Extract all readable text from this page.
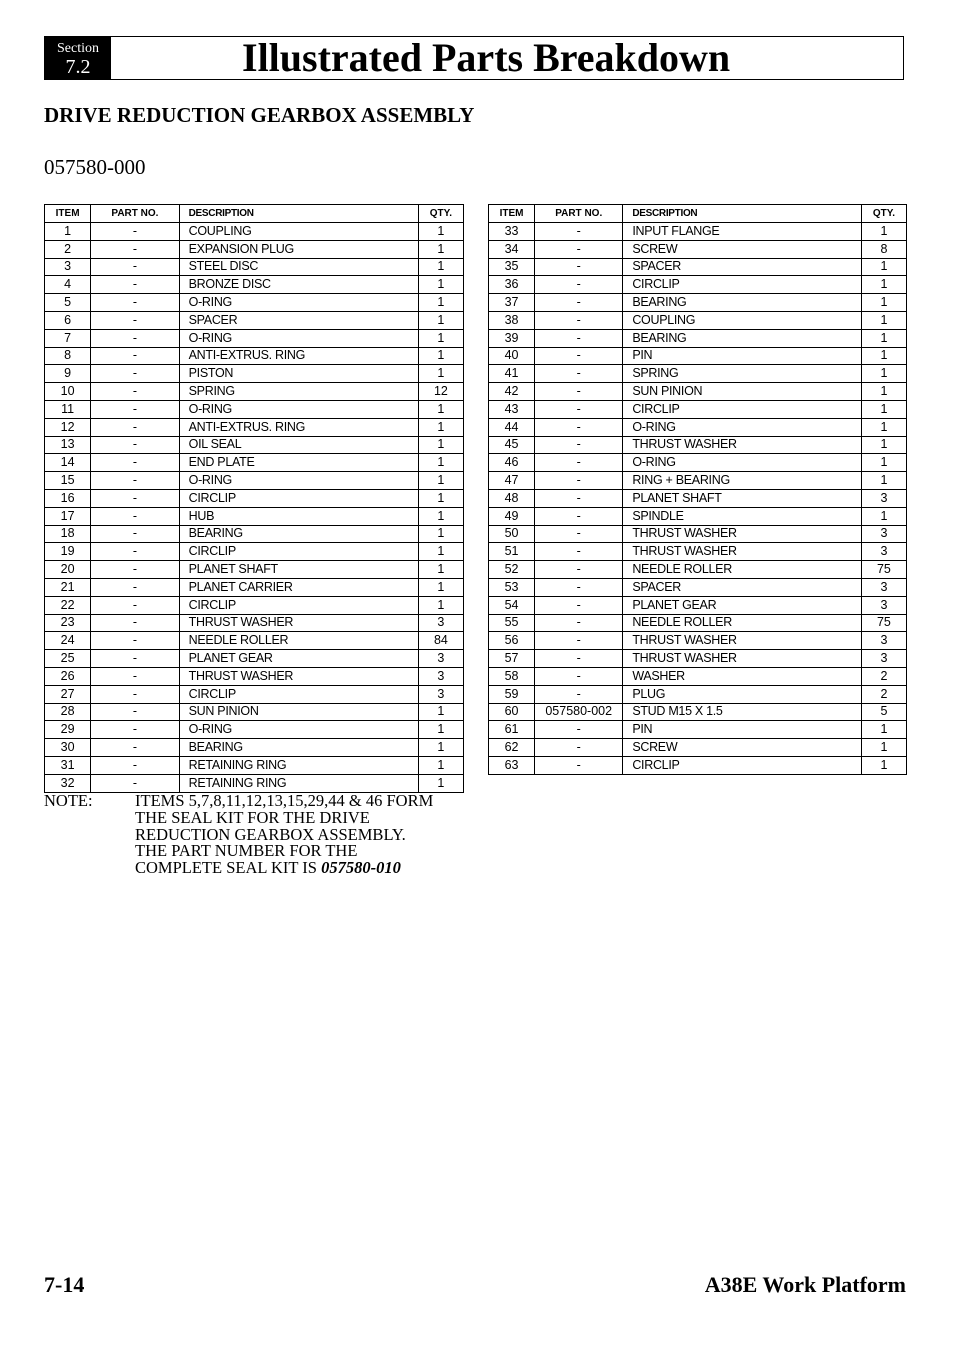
Section
7.2	Illustrated Parts Breakdown
DRIVE REDUCTION GEARBOX ASSEMBLY
057580-000
ITEM	PART NO.	DESCRIPTION	QTY.
1	-	COUPLING	1
2	-	EXPANSION PLUG	1
3	-	STEEL DISC	1
4	-	BRONZE DISC	1
5	-	O-RING	1
6	-	SPACER	1
7	-	O-RING	1
8	-	ANTI-EXTRUS. RING	1
9	-	PISTON	1
10	-	SPRING	12
11	-	O-RING	1
12	-	ANTI-EXTRUS. RING	1
13	-	OIL SEAL	1
14	-	END PLATE	1
15	-	O-RING	1
16	-	CIRCLIP	1
17	-	HUB	1
18	-	BEARING	1
19	-	CIRCLIP	1
20	-	PLANET SHAFT	1
21	-	PLANET CARRIER	1
22	-	CIRCLIP	1
23	-	THRUST WASHER	3
24	-	NEEDLE ROLLER	84
25	-	PLANET GEAR	3
26	-	THRUST WASHER	3
27	-	CIRCLIP	3
28	-	SUN PINION	1
29	-	O-RING	1
30	-	BEARING	1
31	-	RETAINING RING	1
32	-	RETAINING RING	1
ITEM	PART NO.	DESCRIPTION	QTY.
33	-	INPUT FLANGE	1
34	-	SCREW	8
35	-	SPACER	1
36	-	CIRCLIP	1
37	-	BEARING	1
38	-	COUPLING	1
39	-	BEARING	1
40	-	PIN	1
41	-	SPRING	1
42	-	SUN PINION	1
43	-	CIRCLIP	1
44	-	O-RING	1
45	-	THRUST WASHER	1
46	-	O-RING	1
47	-	RING + BEARING	1
48	-	PLANET SHAFT	3
49	-	SPINDLE	1
50	-	THRUST WASHER	3
51	-	THRUST WASHER	3
52	-	NEEDLE ROLLER	75
53	-	SPACER	3
54	-	PLANET GEAR	3
55	-	NEEDLE ROLLER	75
56	-	THRUST WASHER	3
57	-	THRUST WASHER	3
58	-	WASHER	2
59	-	PLUG	2
60	057580-002	STUD M15 X 1.5	5
61	-	PIN	1
62	-	SCREW	1
63	-	CIRCLIP	1
NOTE:	ITEMS 5,7,8,11,12,13,15,29,44 & 46 FORM
THE SEAL KIT FOR THE DRIVE
REDUCTION GEARBOX ASSEMBLY.
THE PART NUMBER FOR THE
COMPLETE SEAL KIT IS 057580-010
7-14	A38E Work Platform
